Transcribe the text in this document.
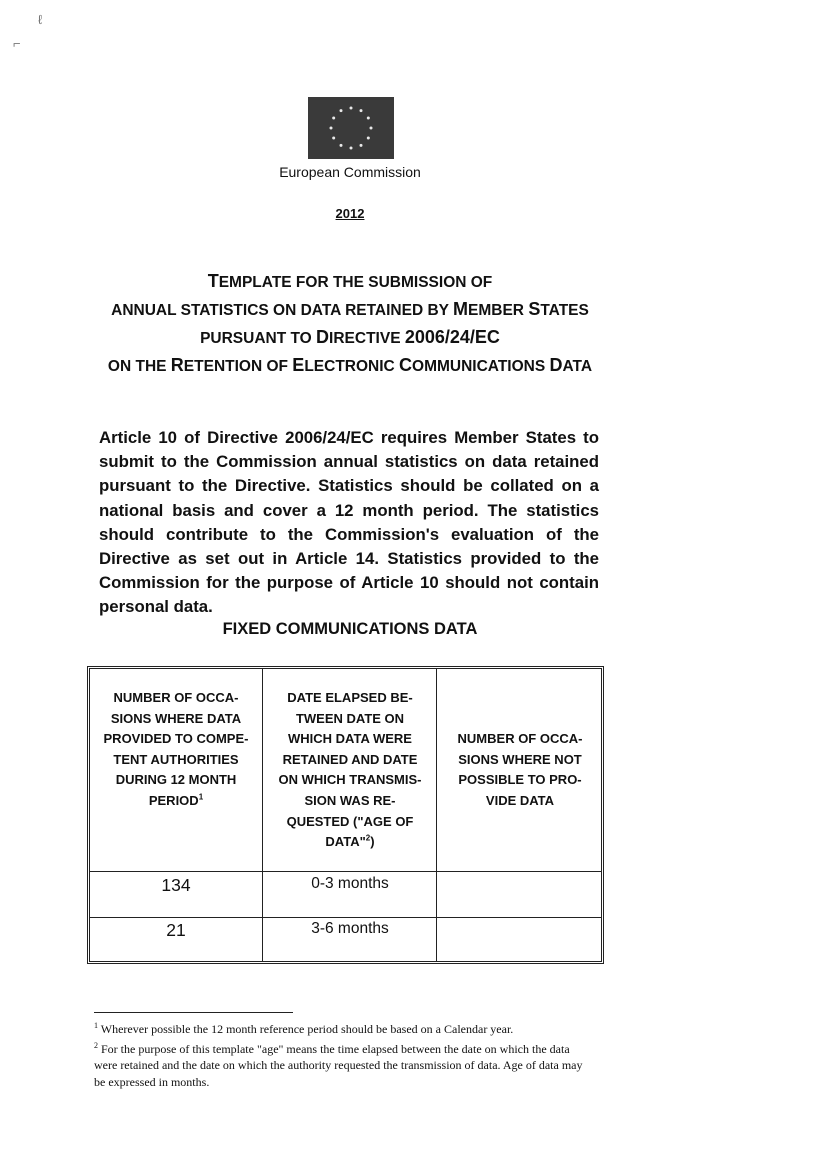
ℓ
⌐
European Commission
2012
TEMPLATE FOR THE SUBMISSION OF
ANNUAL STATISTICS ON DATA RETAINED BY MEMBER STATES
PURSUANT TO DIRECTIVE 2006/24/EC
ON THE RETENTION OF ELECTRONIC COMMUNICATIONS DATA
Article 10 of Directive 2006/24/EC requires Member States to submit to the Commission annual statistics on data retained pursuant to the Directive. Statistics should be collated on a national basis and cover a 12 month period. The statistics should contribute to the Commission's evaluation of the Directive as set out in Article 14. Statistics provided to the Commission for the purpose of Article 10 should not contain personal data.
FIXED COMMUNICATIONS DATA
NUMBER OF OCCA-
SIONS WHERE DATA
PROVIDED TO COMPE-
TENT AUTHORITIES
DURING 12 MONTH
PERIOD$^1$
DATE ELAPSED BE-
TWEEN DATE ON
WHICH DATA WERE
RETAINED AND DATE
ON WHICH TRANSMIS-
SION WAS RE-
QUESTED ("AGE OF
DATA"$^2$)
NUMBER OF OCCA-
SIONS WHERE NOT
POSSIBLE TO PRO-
VIDE DATA
134	0-3 months
21	3-6 months
$^1$ Wherever possible the 12 month reference period should be based on a Calendar year.
$^2$ For the purpose of this template "age" means the time elapsed between the date on which the data were retained and the date on which the authority requested the transmission of data. Age of data may be expressed in months.
